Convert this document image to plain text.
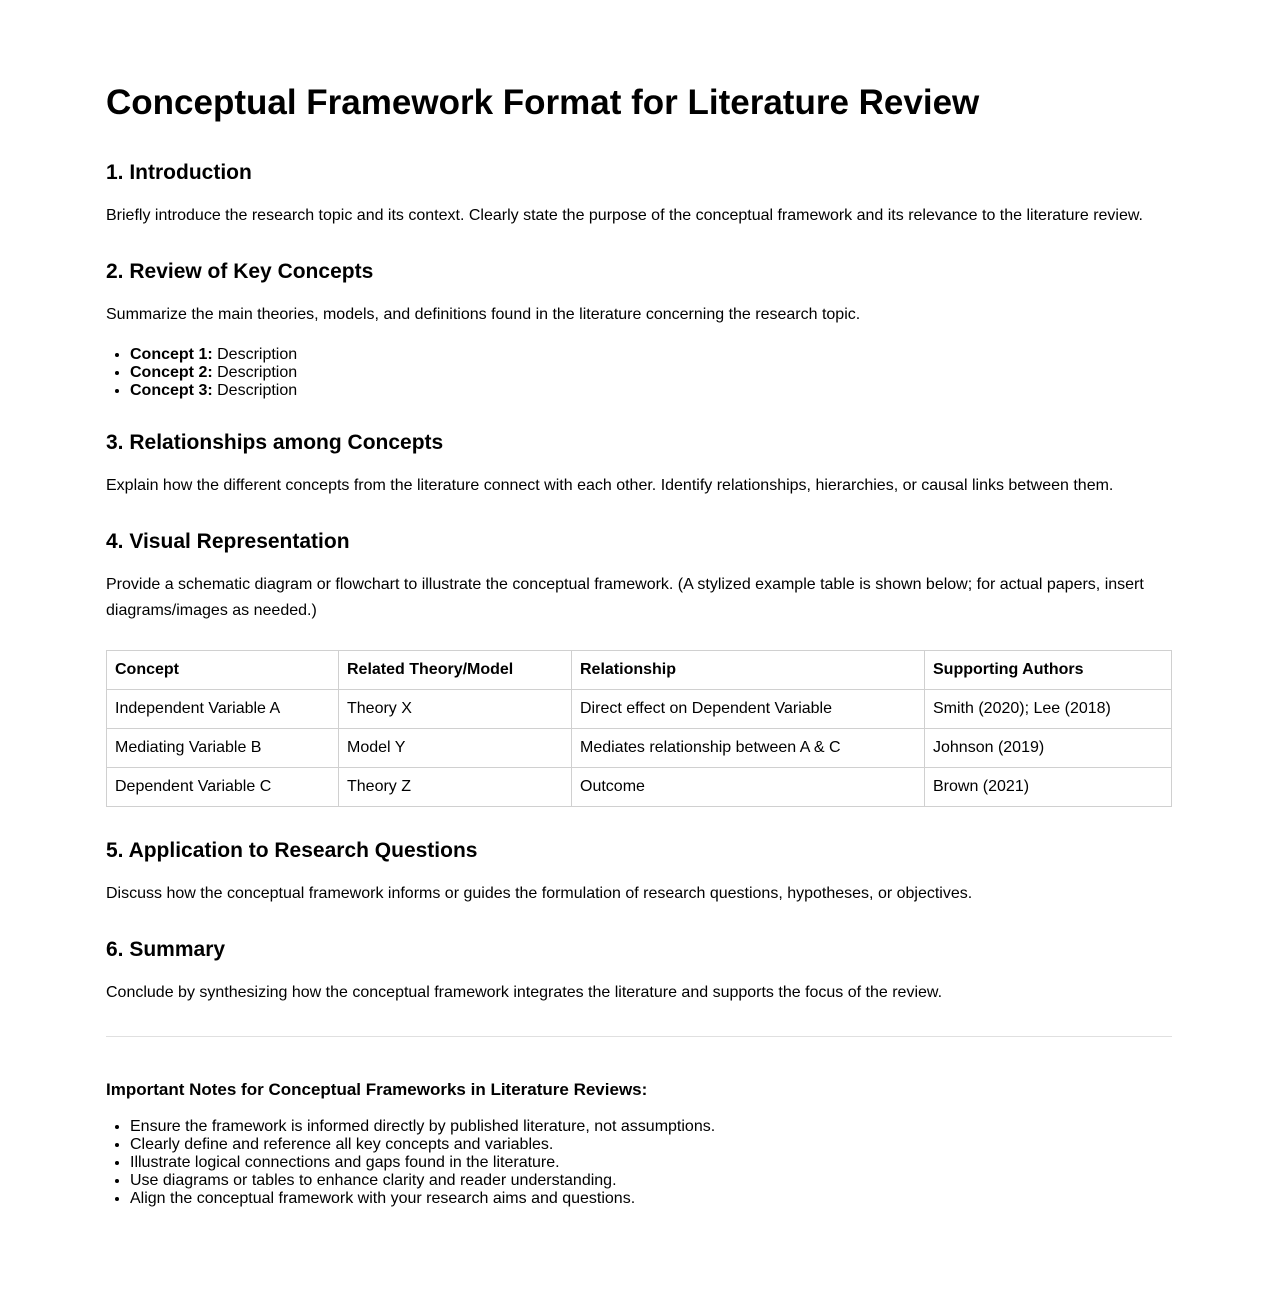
Conceptual Framework Format for Literature Review
1. Introduction

Briefly introduce the research topic and its context. Clearly state the purpose of the conceptual framework and its relevance to the literature review.

2. Review of Key Concepts

Summarize the main theories, models, and definitions found in the literature concerning the research topic.

• Concept 1: Description
• Concept 2: Description
• Concept 3: Description
3. Relationships among Concepts

Explain how the different concepts from the literature connect with each other. Identify relationships, hierarchies, or causal links between them.

4. Visual Representation

Provide a schematic diagram or flowchart to illustrate the conceptual framework. (A stylized example table is shown below; for actual papers, insert diagrams/images as needed.)

Concept	Related Theory/Model	Relationship	Supporting Authors
Independent Variable A	Theory X	Direct effect on Dependent Variable	Smith (2020); Lee (2018)
Mediating Variable B	Model Y	Mediates relationship between A & C	Johnson (2019)
Dependent Variable C	Theory Z	Outcome	Brown (2021)
5. Application to Research Questions

Discuss how the conceptual framework informs or guides the formulation of research questions, hypotheses, or objectives.

6. Summary

Conclude by synthesizing how the conceptual framework integrates the literature and supports the focus of the review.

Important Notes for Conceptual Frameworks in Literature Reviews:
• Ensure the framework is informed directly by published literature, not assumptions.
• Clearly define and reference all key concepts and variables.
• Illustrate logical connections and gaps found in the literature.
• Use diagrams or tables to enhance clarity and reader understanding.
• Align the conceptual framework with your research aims and questions.
